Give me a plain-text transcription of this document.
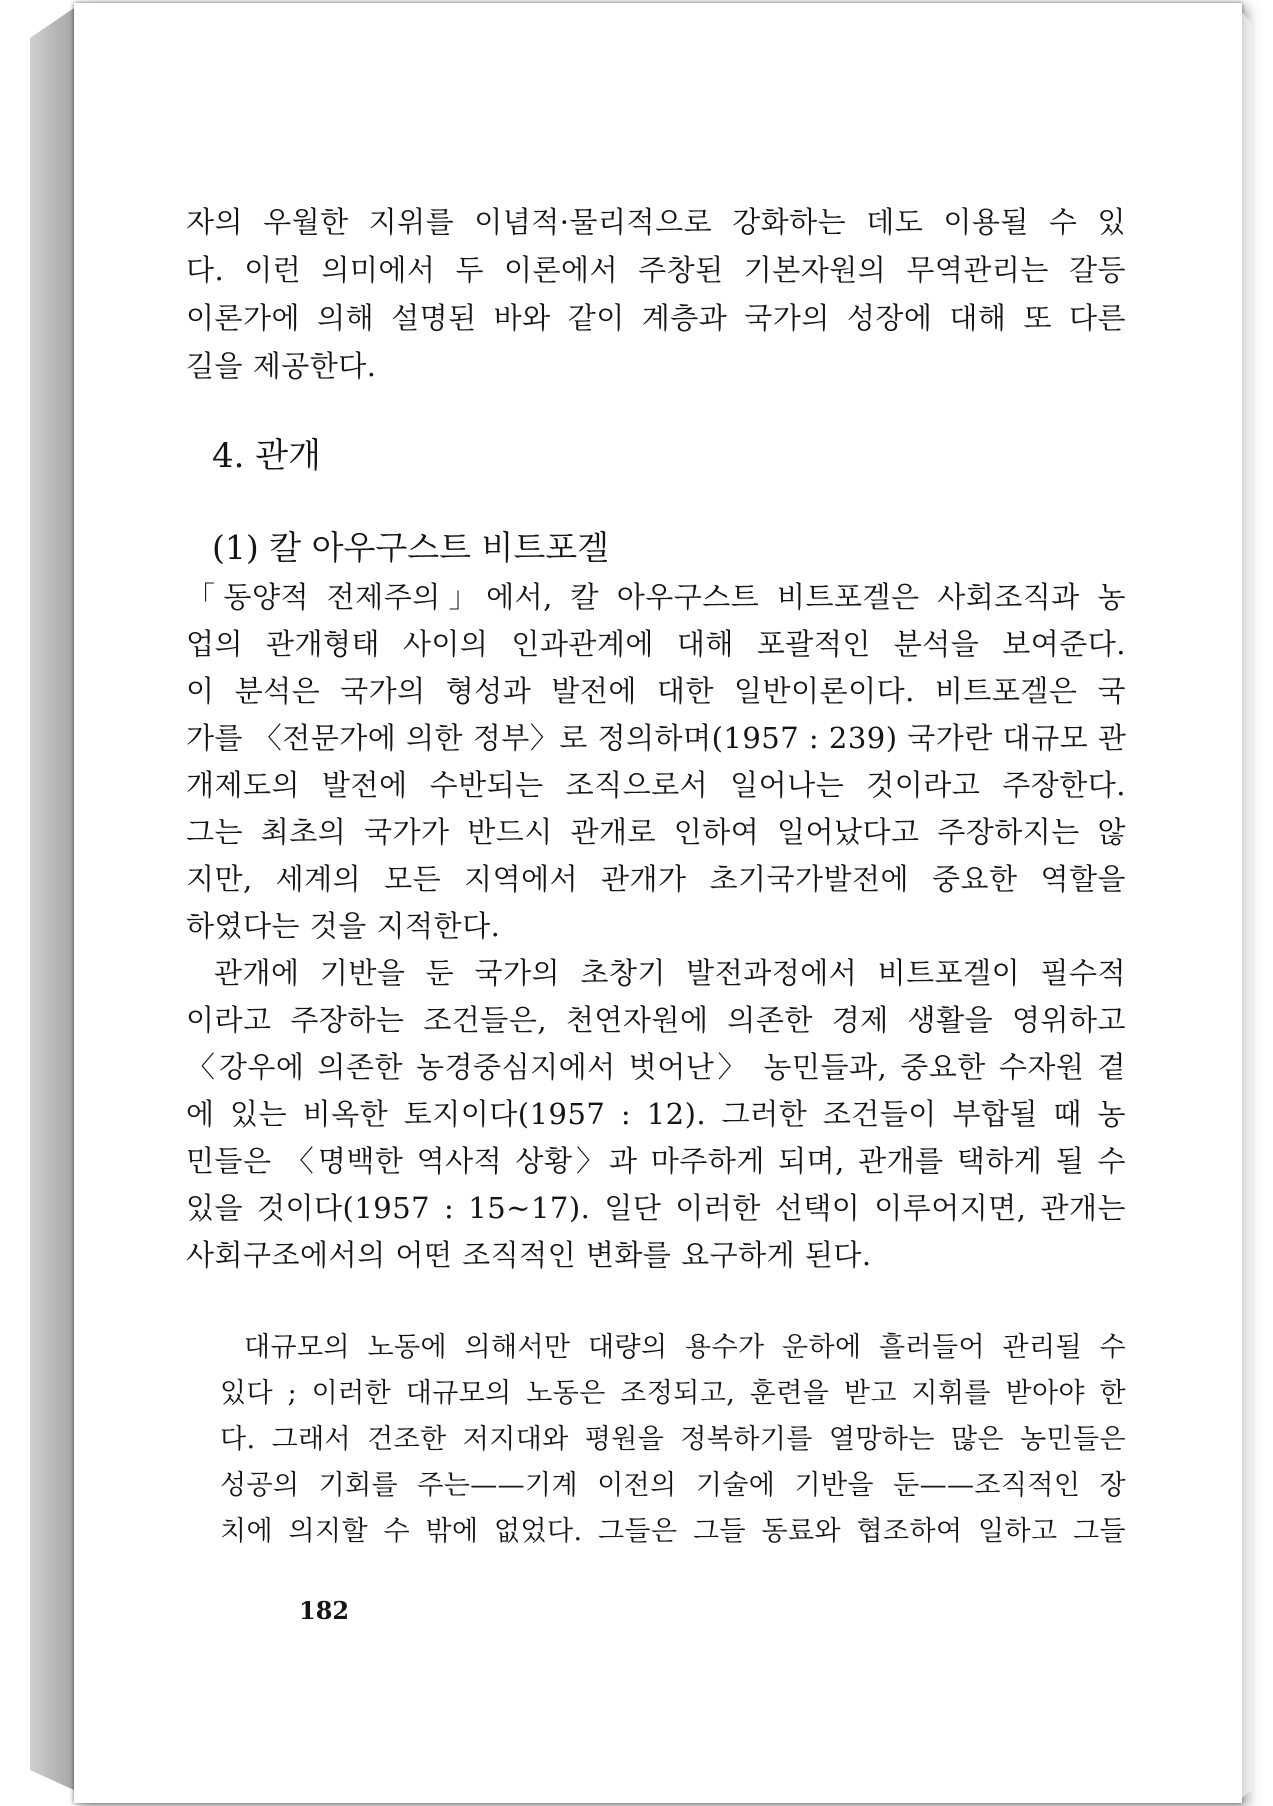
자의 우월한 지위를 이념적·물리적으로 강화하는 데도 이용될 수 있
다. 이런 의미에서 두 이론에서 주창된 기본자원의 무역관리는 갈등
이론가에 의해 설명된 바와 같이 계층과 국가의 성장에 대해 또 다른
길을 제공한다.
4. 관개
(1) 칼 아우구스트 비트포겔
「동양적 전제주의」에서, 칼 아우구스트 비트포겔은 사회조직과 농
업의 관개형태 사이의 인과관계에 대해 포괄적인 분석을 보여준다.
이 분석은 국가의 형성과 발전에 대한 일반이론이다. 비트포겔은 국
가를 〈전문가에 의한 정부〉로 정의하며(1957 : 239) 국가란 대규모 관
개제도의 발전에 수반되는 조직으로서 일어나는 것이라고 주장한다.
그는 최초의 국가가 반드시 관개로 인하여 일어났다고 주장하지는 않
지만, 세계의 모든 지역에서 관개가 초기국가발전에 중요한 역할을
하였다는 것을 지적한다.
관개에 기반을 둔 국가의 초창기 발전과정에서 비트포겔이 필수적
이라고 주장하는 조건들은, 천연자원에 의존한 경제 생활을 영위하고
〈강우에 의존한 농경중심지에서 벗어난〉 농민들과, 중요한 수자원 곁
에 있는 비옥한 토지이다(1957 : 12). 그러한 조건들이 부합될 때 농
민들은 〈명백한 역사적 상황〉과 마주하게 되며, 관개를 택하게 될 수
있을 것이다(1957 : 15~17). 일단 이러한 선택이 이루어지면, 관개는
사회구조에서의 어떤 조직적인 변화를 요구하게 된다.
대규모의 노동에 의해서만 대량의 용수가 운하에 흘러들어 관리될 수
있다 ; 이러한 대규모의 노동은 조정되고, 훈련을 받고 지휘를 받아야 한
다. 그래서 건조한 저지대와 평원을 정복하기를 열망하는 많은 농민들은
성공의 기회를 주는——기계 이전의 기술에 기반을 둔——조직적인 장
치에 의지할 수 밖에 없었다. 그들은 그들 동료와 협조하여 일하고 그들
182
